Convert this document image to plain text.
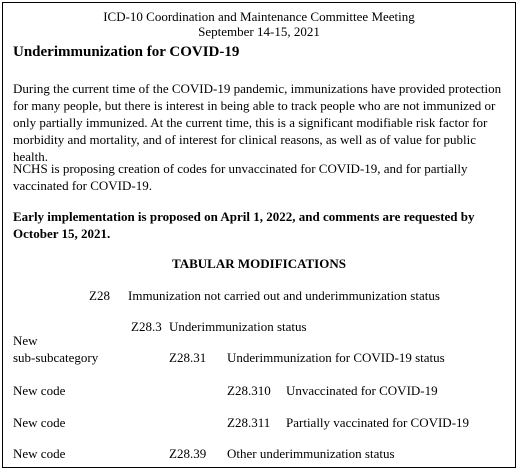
ICD-10 Coordination and Maintenance Committee Meeting
September 14-15, 2021
Underimmunization for COVID-19
During the current time of the COVID-19 pandemic, immunizations have provided protection for many people, but there is interest in being able to track people who are not immunized or only partially immunized. At the current time, this is a significant modifiable risk factor for morbidity and mortality, and of interest for clinical reasons, as well as of value for public health.
NCHS is proposing creation of codes for unvaccinated for COVID-19, and for partially vaccinated for COVID-19.
Early implementation is proposed on April 1, 2022, and comments are requested by October 15, 2021.
TABULAR MODIFICATIONS
Z28 Immunization not carried out and underimmunization status
Z28.3 Underimmunization status
New
sub-subcategory	Z28.31 Underimmunization for COVID-19 status
New code	Z28.310 Unvaccinated for COVID-19
New code	Z28.311 Partially vaccinated for COVID-19
New code	Z28.39 Other underimmunization status
